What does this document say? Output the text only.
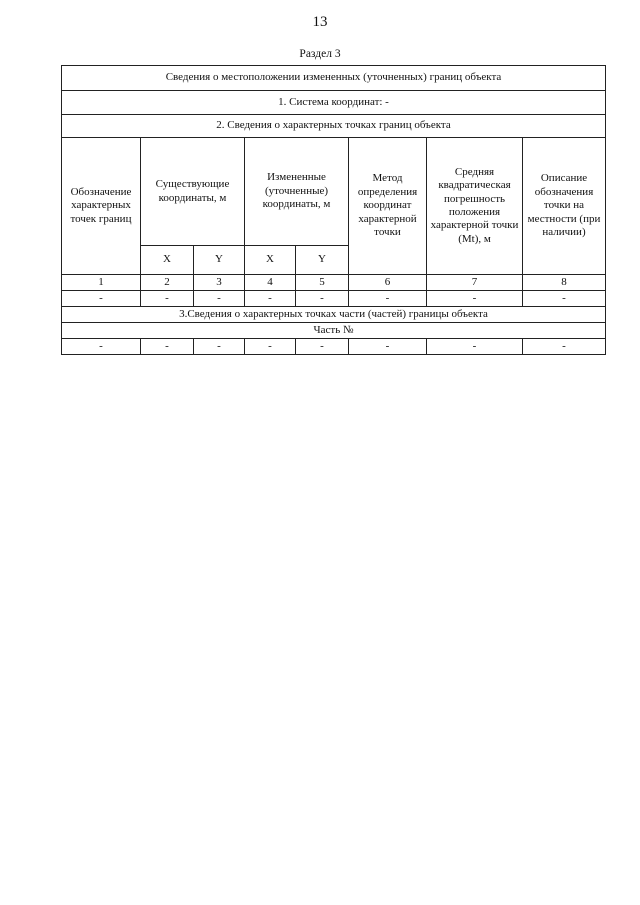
13
Раздел 3
Сведения о местоположении измененных (уточненных) границ объекта							
1. Система координат: -							
2. Сведения о характерных точках границ объекта							
Обозначение характерных точек границ	Существующие координаты, м		Измененные (уточненные) координаты, м		Метод определения координат характерной точки	Средняя квадратическая погрешность положения характерной точки (Mt), м	Описание обозначения точки на местности (при наличии)
	X	Y	X	Y			
1	2	3	4	5	6	7	8
-	-	-	-	-	-	-	-
3.Сведения о характерных точках части (частей) границы объекта							
Часть №							
-	-	-	-	-	-	-	-
